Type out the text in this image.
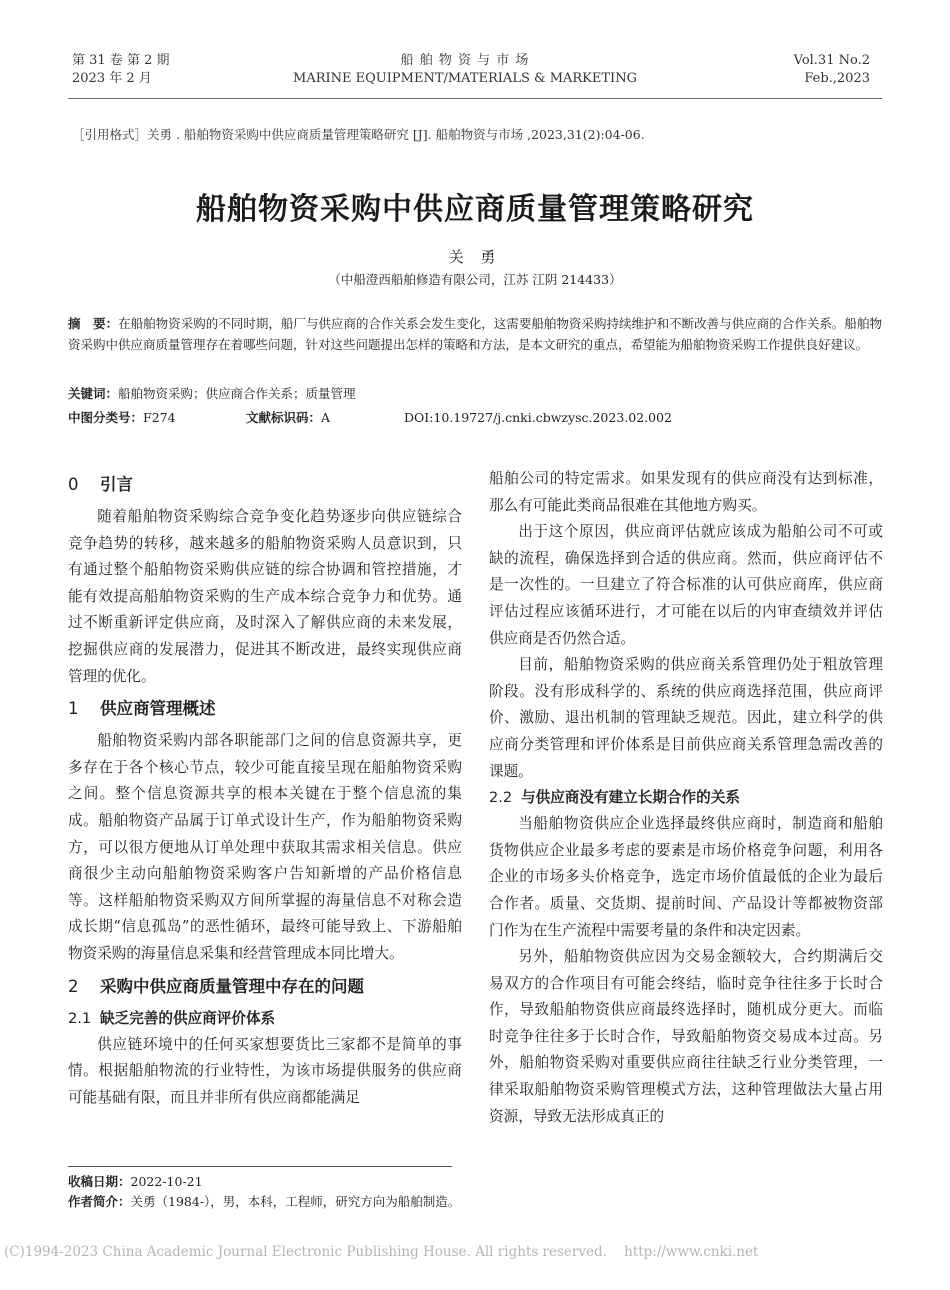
第 31 卷 第 2 期
2023 年 2 月
船 舶 物 资 与 市 场
MARINE EQUIPMENT/MATERIALS & MARKETING
Vol.31 No.2
Feb.,2023
［引用格式］关勇 . 船舶物资采购中供应商质量管理策略研究 [J]. 船舶物资与市场 ,2023,31(2):04-06.
船舶物资采购中供应商质量管理策略研究
关 勇
（中船澄西船舶修造有限公司，江苏 江阴 214433）
摘　要：在船舶物资采购的不同时期，船厂与供应商的合作关系会发生变化，这需要船舶物资采购持续维护和不断改善与供应商的合作关系。船舶物资采购中供应商质量管理存在着哪些问题，针对这些问题提出怎样的策略和方法，是本文研究的重点，希望能为船舶物资采购工作提供良好建议。
关键词：船舶物资采购；供应商合作关系；质量管理
中图分类号：F274	文献标识码：A	DOI:10.19727/j.cnki.cbwzysc.2023.02.002
0 引言

随着船舶物资采购综合竞争变化趋势逐步向供应链综合竞争趋势的转移，越来越多的船舶物资采购人员意识到，只有通过整个船舶物资采购供应链的综合协调和管控措施，才能有效提高船舶物资采购的生产成本综合竞争力和优势。通过不断重新评定供应商，及时深入了解供应商的未来发展，挖掘供应商的发展潜力，促进其不断改进，最终实现供应商管理的优化。

1 供应商管理概述

船舶物资采购内部各职能部门之间的信息资源共享，更多存在于各个核心节点，较少可能直接呈现在船舶物资采购之间。整个信息资源共享的根本关键在于整个信息流的集成。船舶物资产品属于订单式设计生产，作为船舶物资采购方，可以很方便地从订单处理中获取其需求相关信息。供应商很少主动向船舶物资采购客户告知新增的产品价格信息等。这样船舶物资采购双方间所掌握的海量信息不对称会造成长期“信息孤岛”的恶性循环，最终可能导致上、下游船舶物资采购的海量信息采集和经营管理成本同比增大。

2 采购中供应商质量管理中存在的问题
2.1 缺乏完善的供应商评价体系

供应链环境中的任何买家想要货比三家都不是简单的事情。根据船舶物流的行业特性，为该市场提供服务的供应商可能基础有限，而且并非所有供应商都能满足

船舶公司的特定需求。如果发现有的供应商没有达到标准，那么有可能此类商品很难在其他地方购买。

出于这个原因，供应商评估就应该成为船舶公司不可或缺的流程，确保选择到合适的供应商。然而，供应商评估不是一次性的。一旦建立了符合标准的认可供应商库，供应商评估过程应该循环进行，才可能在以后的内审查绩效并评估供应商是否仍然合适。

目前，船舶物资采购的供应商关系管理仍处于粗放管理阶段。没有形成科学的、系统的供应商选择范围，供应商评价、激励、退出机制的管理缺乏规范。因此，建立科学的供应商分类管理和评价体系是目前供应商关系管理急需改善的课题。

2.2 与供应商没有建立长期合作的关系

当船舶物资供应企业选择最终供应商时，制造商和船舶货物供应企业最多考虑的要素是市场价格竞争问题，利用各企业的市场多头价格竞争，选定市场价值最低的企业为最后合作者。质量、交货期、提前时间、产品设计等都被物资部门作为在生产流程中需要考量的条件和决定因素。

另外，船舶物资供应因为交易金额较大，合约期满后交易双方的合作项目有可能会终结，临时竞争往往多于长时合作，导致船舶物资供应商最终选择时，随机成分更大。而临时竞争往往多于长时合作，导致船舶物资交易成本过高。另外，船舶物资采购对重要供应商往往缺乏行业分类管理，一律采取船舶物资采购管理模式方法，这种管理做法大量占用资源，导致无法形成真正的

收稿日期：2022-10-21
作者简介：关勇（1984-），男，本科，工程师，研究方向为船舶制造。
(C)1994-2023 China Academic Journal Electronic Publishing House. All rights reserved. http://www.cnki.net
